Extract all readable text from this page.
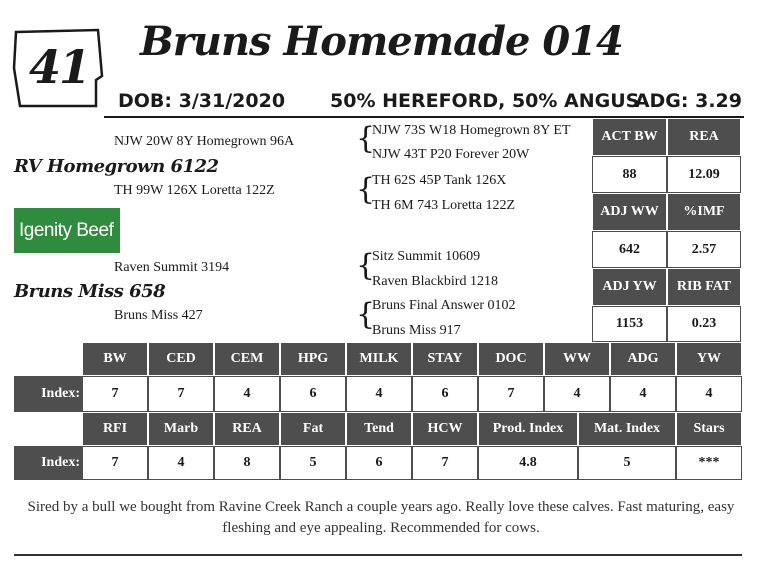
41 Bruns Homemade 014
DOB: 3/31/2020 50% HEREFORD, 50% ANGUS
ADG: 3.29
NJW 20W 8Y Homegrown 96A
RV Homegrown 6122
TH 99W 126X Loretta 122Z
{
NJW 73S W18 Homegrown 8Y ET
NJW 43T P20 Forever 20W
{
TH 62S 45P Tank 126X
TH 6M 743 Loretta 122Z
Igenity Beef
Raven Summit 3194
Bruns Miss 658
Bruns Miss 427
{
Sitz Summit 10609
Raven Blackbird 1218
{
Bruns Final Answer 0102
Bruns Miss 917
ACT BW	REA
88	12.09
ADJ WW	%IMF
642	2.57
ADJ YW	RIB FAT
1153	0.23
BW	CED	CEM	HPG	MILK	STAY	DOC	WW	ADG	YW
Index:	7	7	4	6	4	6	7	4	4	4
RFI	Marb	REA	Fat	Tend	HCW	Prod. Index	Mat. Index	Stars
Index:	7	4	8	5	6	7	4.8	5	***
Sired by a bull we bought from Ravine Creek Ranch a couple years ago. Really love these calves. Fast maturing, easy fleshing and eye appealing. Recommended for cows.
